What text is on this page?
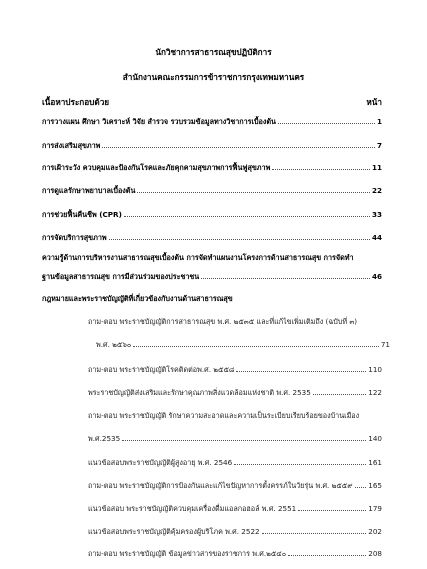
นักวิชาการสาธารณสุขปฏิบัติการ
สำนักงานคณะกรรมการข้าราชการกรุงเทพมหานคร
เนื้อหาประกอบด้วย	หน้า
การวางแผน ศึกษา วิเคราะห์ วิจัย สำรวจ รวบรวมข้อมูลทางวิชาการเบื้องต้น	1
การส่งเสริมสุขภาพ	7
การเฝ้าระวัง ควบคุมและป้องกันโรคและภัยคุกคามสุขภาพการฟื้นฟูสุขภาพ	11
การดูแลรักษาพยาบาลเบื้องต้น	22
การช่วยฟื้นคืนชีพ (CPR)	33
การจัดบริการสุขภาพ	44
ความรู้ด้านการบริหารงานสาธารณสุขเบื้องต้น การจัดทำแผนงานโครงการด้านสาธารณสุข การจัดทำ
ฐานข้อมูลสาธารณสุข การมีส่วนร่วมของประชาชน	46
กฎหมายและพระราชบัญญัติที่เกี่ยวข้องกับงานด้านสาธารณสุข
ถาม-ตอบ พระราชบัญญัติการสาธารณสุข พ.ศ. ๒๕๓๕ และที่แก้ไขเพิ่มเติมถึง (ฉบับที่ ๓)
พ.ศ. ๒๕๖๐	71
ถาม-ตอบ พระราชบัญญัติโรคติดต่อพ.ศ. ๒๕๕๘	110
พระราชบัญญัติส่งเสริมและรักษาคุณภาพสิ่งแวดล้อมแห่งชาติ พ.ศ. 2535	122
ถาม-ตอบ พระราชบัญญัติ รักษาความสะอาดและความเป็นระเบียบเรียบร้อยของบ้านเมือง
พ.ศ.2535	140
แนวข้อสอบพระราชบัญญัติผู้สูงอายุ พ.ศ. 2546	161
ถาม-ตอบ พระราชบัญญัติการป้องกันและแก้ไขปัญหาการตั้งครรภ์ในวัยรุ่น พ.ศ. ๒๕๕๙ 165
แนวข้อสอบ พระราชบัญญัติควบคุมเครื่องดื่มแอลกอฮอล์ พ.ศ. 2551	179
แนวข้อสอบพระราชบัญญัติคุ้มครองผู้บริโภค พ.ศ. 2522	202
ถาม-ตอบ พระราชบัญญัติ ข้อมูลข่าวสารของราชการ พ.ศ.๒๕๔๐	208
